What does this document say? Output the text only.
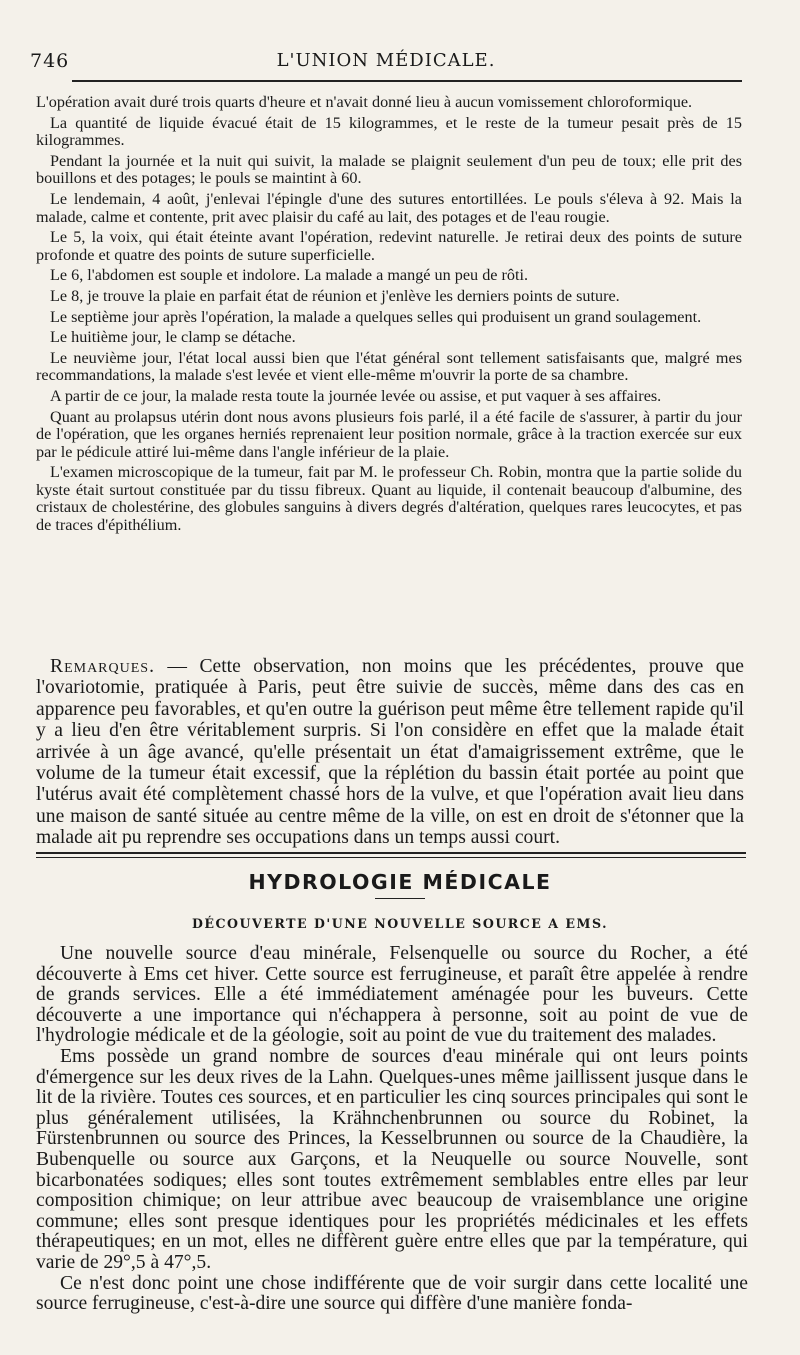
746	L'UNION MÉDICALE.

L'opération avait duré trois quarts d'heure et n'avait donné lieu à aucun vomissement chloroformique.

La quantité de liquide évacué était de 15 kilogrammes, et le reste de la tumeur pesait près de 15 kilogrammes.

Pendant la journée et la nuit qui suivit, la malade se plaignit seulement d'un peu de toux; elle prit des bouillons et des potages; le pouls se maintint à 60.

Le lendemain, 4 août, j'enlevai l'épingle d'une des sutures entortillées. Le pouls s'éleva à 92. Mais la malade, calme et contente, prit avec plaisir du café au lait, des potages et de l'eau rougie.

Le 5, la voix, qui était éteinte avant l'opération, redevint naturelle. Je retirai deux des points de suture profonde et quatre des points de suture superficielle.

Le 6, l'abdomen est souple et indolore. La malade a mangé un peu de rôti.

Le 8, je trouve la plaie en parfait état de réunion et j'enlève les derniers points de suture.

Le septième jour après l'opération, la malade a quelques selles qui produisent un grand soulagement.

Le huitième jour, le clamp se détache.

Le neuvième jour, l'état local aussi bien que l'état général sont tellement satisfaisants que, malgré mes recommandations, la malade s'est levée et vient elle-même m'ouvrir la porte de sa chambre.

A partir de ce jour, la malade resta toute la journée levée ou assise, et put vaquer à ses affaires.

Quant au prolapsus utérin dont nous avons plusieurs fois parlé, il a été facile de s'assurer, à partir du jour de l'opération, que les organes herniés reprenaient leur position normale, grâce à la traction exercée sur eux par le pédicule attiré lui-même dans l'angle inférieur de la plaie.

L'examen microscopique de la tumeur, fait par M. le professeur Ch. Robin, montra que la partie solide du kyste était surtout constituée par du tissu fibreux. Quant au liquide, il contenait beaucoup d'albumine, des cristaux de cholestérine, des globules sanguins à divers degrés d'altération, quelques rares leucocytes, et pas de traces d'épithélium.

Remarques. — Cette observation, non moins que les précédentes, prouve que l'ovariotomie, pratiquée à Paris, peut être suivie de succès, même dans des cas en apparence peu favorables, et qu'en outre la guérison peut même être tellement rapide qu'il y a lieu d'en être véritablement surpris. Si l'on considère en effet que la malade était arrivée à un âge avancé, qu'elle présentait un état d'amaigrissement extrême, que le volume de la tumeur était excessif, que la réplétion du bassin était portée au point que l'utérus avait été complètement chassé hors de la vulve, et que l'opération avait lieu dans une maison de santé située au centre même de la ville, on est en droit de s'étonner que la malade ait pu reprendre ses occupations dans un temps aussi court.

HYDROLOGIE MÉDICALE
DÉCOUVERTE D'UNE NOUVELLE SOURCE A EMS.

Une nouvelle source d'eau minérale, Felsenquelle ou source du Rocher, a été découverte à Ems cet hiver. Cette source est ferrugineuse, et paraît être appelée à rendre de grands services. Elle a été immédiatement aménagée pour les buveurs. Cette découverte a une importance qui n'échappera à personne, soit au point de vue de l'hydrologie médicale et de la géologie, soit au point de vue du traitement des malades.

Ems possède un grand nombre de sources d'eau minérale qui ont leurs points d'émergence sur les deux rives de la Lahn. Quelques-unes même jaillissent jusque dans le lit de la rivière. Toutes ces sources, et en particulier les cinq sources principales qui sont le plus généralement utilisées, la Krähnchenbrunnen ou source du Robinet, la Fürstenbrunnen ou source des Princes, la Kesselbrunnen ou source de la Chaudière, la Bubenquelle ou source aux Garçons, et la Neuquelle ou source Nouvelle, sont bicarbonatées sodiques; elles sont toutes extrêmement semblables entre elles par leur composition chimique; on leur attribue avec beaucoup de vraisemblance une origine commune; elles sont presque identiques pour les propriétés médicinales et les effets thérapeutiques; en un mot, elles ne diffèrent guère entre elles que par la température, qui varie de 29°,5 à 47°,5.

Ce n'est donc point une chose indifférente que de voir surgir dans cette localité une source ferrugineuse, c'est-à-dire une source qui diffère d'une manière fonda-
